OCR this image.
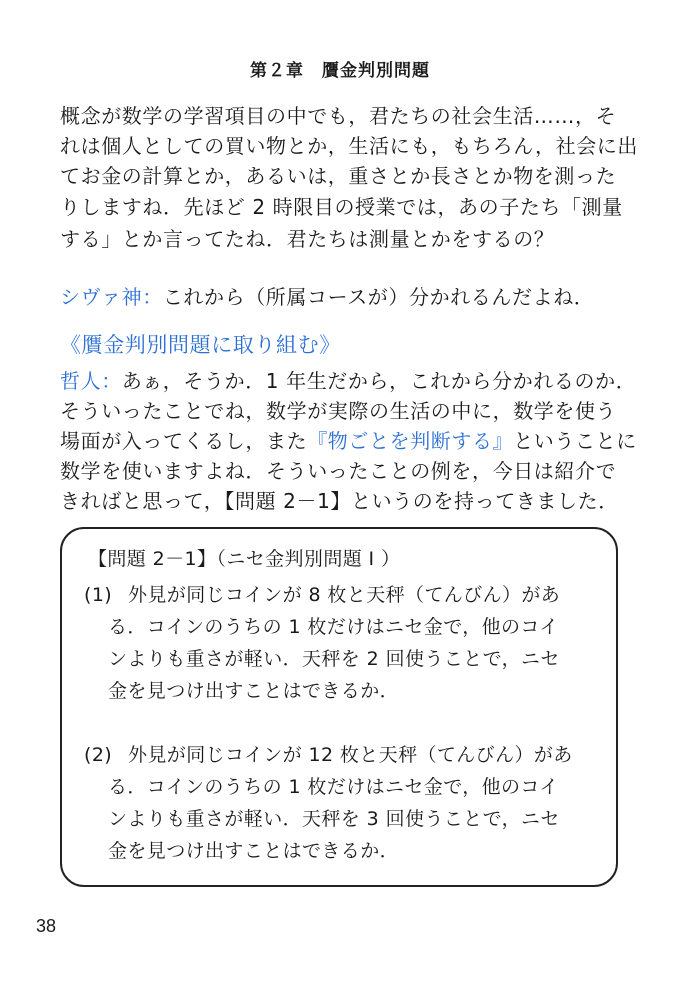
第２章　贋金判別問題
概念が数学の学習項目の中でも，君たちの社会生活……，そ
れは個人としての買い物とか，生活にも，もちろん，社会に出
てお金の計算とか，あるいは，重さとか長さとか物を測った
りしますね．先ほど 2 時限目の授業では，あの子たち「測量
する」とか言ってたね．君たちは測量とかをするの？
シヴァ神：これから（所属コースが）分かれるんだよね．
《贋金判別問題に取り組む》
哲人：あぁ，そうか．1 年生だから，これから分かれるのか．
そういったことでね，数学が実際の生活の中に，数学を使う
場面が入ってくるし，また『物ごとを判断する』ということに
数学を使いますよね．そういったことの例を，今日は紹介で
きればと思って，【問題 2－1】というのを持ってきました．
【問題 2－1】（ニセ金判別問題 I ）
(1) 外見が同じコインが 8 枚と天秤（てんびん）があ
る．コインのうちの 1 枚だけはニセ金で，他のコイ
ンよりも重さが軽い．天秤を 2 回使うことで，ニセ
金を見つけ出すことはできるか．
(2) 外見が同じコインが 12 枚と天秤（てんびん）があ
る．コインのうちの 1 枚だけはニセ金で，他のコイ
ンよりも重さが軽い．天秤を 3 回使うことで，ニセ
金を見つけ出すことはできるか．
38
